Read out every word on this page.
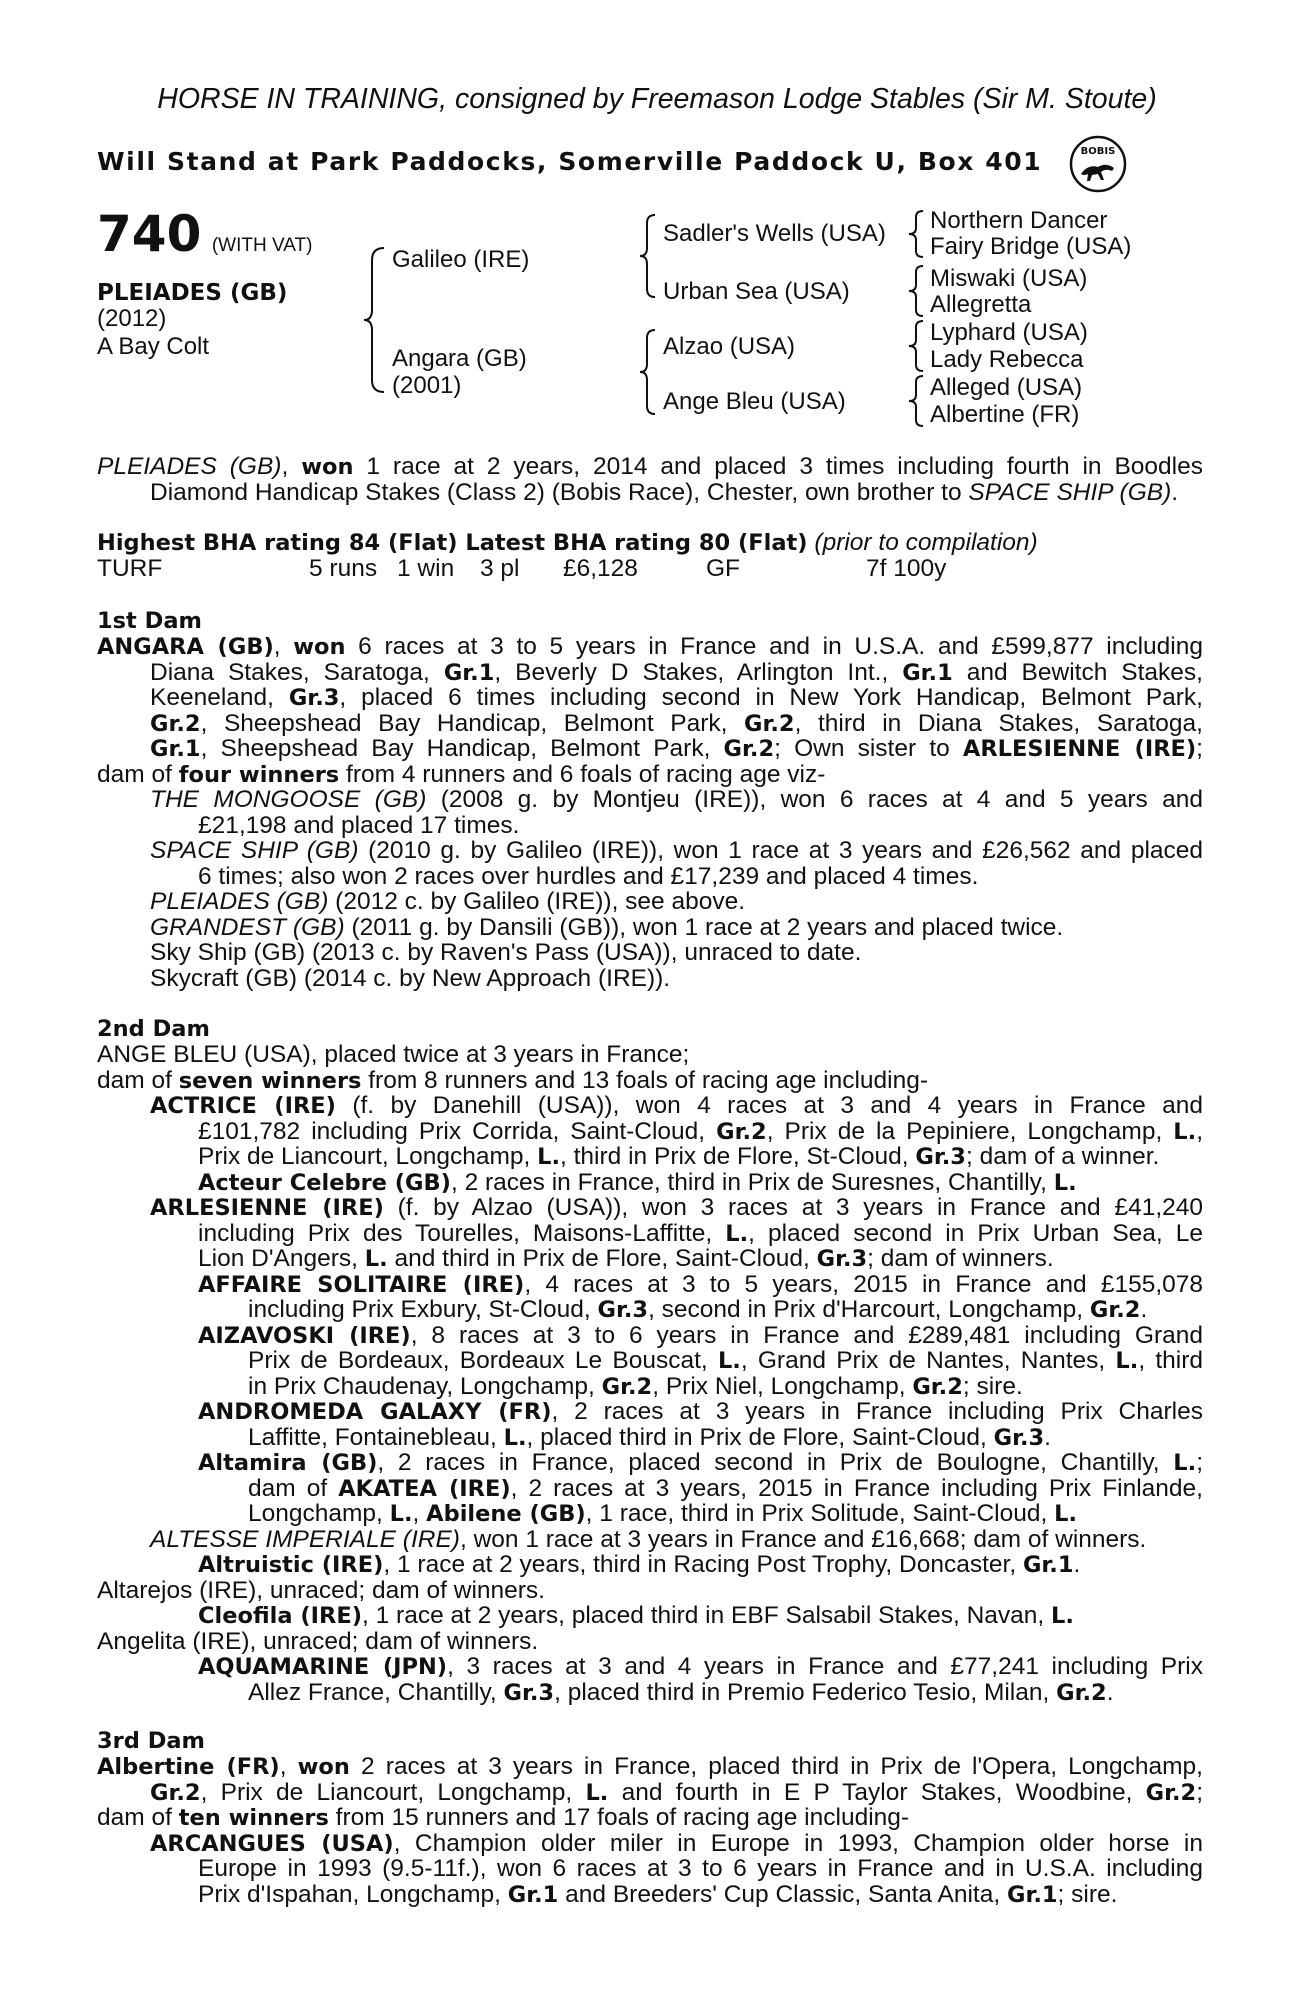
HORSE IN TRAINING, consigned by Freemason Lodge Stables (Sir M. Stoute)
Will Stand at Park Paddocks, Somerville Paddock U, Box 401	BOBIS
740 (WITH VAT)
PLEIADES (GB)
(2012)
A Bay Colt
Galileo (IRE)
Angara (GB)
(2001)
Sadler's Wells (USA)
Urban Sea (USA)
Alzao (USA)
Ange Bleu (USA)
Northern Dancer
Fairy Bridge (USA)
Miswaki (USA)
Allegretta
Lyphard (USA)
Lady Rebecca
Alleged (USA)
Albertine (FR)
PLEIADES (GB), won 1 race at 2 years, 2014 and placed 3 times including fourth in Boodles
Diamond Handicap Stakes (Class 2) (Bobis Race), Chester, own brother to SPACE SHIP (GB).
Highest BHA rating 84 (Flat) Latest BHA rating 80 (Flat) (prior to compilation)
TURF	5 runs 1 win 3 pl £6,128	GF	7f 100y
1st Dam
2nd Dam
3rd Dam
ANGARA (GB), won 6 races at 3 to 5 years in France and in U.S.A. and £599,877 including
Diana Stakes, Saratoga, Gr.1, Beverly D Stakes, Arlington Int., Gr.1 and Bewitch Stakes,
Keeneland, Gr.3, placed 6 times including second in New York Handicap, Belmont Park,
Gr.2, Sheepshead Bay Handicap, Belmont Park, Gr.2, third in Diana Stakes, Saratoga,
Gr.1, Sheepshead Bay Handicap, Belmont Park, Gr.2; Own sister to ARLESIENNE (IRE);
dam of four winners from 4 runners and 6 foals of racing age viz-
THE MONGOOSE (GB) (2008 g. by Montjeu (IRE)), won 6 races at 4 and 5 years and
£21,198 and placed 17 times.
SPACE SHIP (GB) (2010 g. by Galileo (IRE)), won 1 race at 3 years and £26,562 and placed
6 times; also won 2 races over hurdles and £17,239 and placed 4 times.
PLEIADES (GB) (2012 c. by Galileo (IRE)), see above.
GRANDEST (GB) (2011 g. by Dansili (GB)), won 1 race at 2 years and placed twice.
Sky Ship (GB) (2013 c. by Raven's Pass (USA)), unraced to date.
Skycraft (GB) (2014 c. by New Approach (IRE)).
ANGE BLEU (USA), placed twice at 3 years in France;
dam of seven winners from 8 runners and 13 foals of racing age including-
ACTRICE (IRE) (f. by Danehill (USA)), won 4 races at 3 and 4 years in France and
£101,782 including Prix Corrida, Saint-Cloud, Gr.2, Prix de la Pepiniere, Longchamp, L.,
Prix de Liancourt, Longchamp, L., third in Prix de Flore, St-Cloud, Gr.3; dam of a winner.
Acteur Celebre (GB), 2 races in France, third in Prix de Suresnes, Chantilly, L.
ARLESIENNE (IRE) (f. by Alzao (USA)), won 3 races at 3 years in France and £41,240
including Prix des Tourelles, Maisons-Laffitte, L., placed second in Prix Urban Sea, Le
Lion D'Angers, L. and third in Prix de Flore, Saint-Cloud, Gr.3; dam of winners.
AFFAIRE SOLITAIRE (IRE), 4 races at 3 to 5 years, 2015 in France and £155,078
including Prix Exbury, St-Cloud, Gr.3, second in Prix d'Harcourt, Longchamp, Gr.2.
AIZAVOSKI (IRE), 8 races at 3 to 6 years in France and £289,481 including Grand
Prix de Bordeaux, Bordeaux Le Bouscat, L., Grand Prix de Nantes, Nantes, L., third
in Prix Chaudenay, Longchamp, Gr.2, Prix Niel, Longchamp, Gr.2; sire.
ANDROMEDA GALAXY (FR), 2 races at 3 years in France including Prix Charles
Laffitte, Fontainebleau, L., placed third in Prix de Flore, Saint-Cloud, Gr.3.
Altamira (GB), 2 races in France, placed second in Prix de Boulogne, Chantilly, L.;
dam of AKATEA (IRE), 2 races at 3 years, 2015 in France including Prix Finlande,
Longchamp, L., Abilene (GB), 1 race, third in Prix Solitude, Saint-Cloud, L.
ALTESSE IMPERIALE (IRE), won 1 race at 3 years in France and £16,668; dam of winners.
Altruistic (IRE), 1 race at 2 years, third in Racing Post Trophy, Doncaster, Gr.1.
Altarejos (IRE), unraced; dam of winners.
Cleofila (IRE), 1 race at 2 years, placed third in EBF Salsabil Stakes, Navan, L.
Angelita (IRE), unraced; dam of winners.
AQUAMARINE (JPN), 3 races at 3 and 4 years in France and £77,241 including Prix
Allez France, Chantilly, Gr.3, placed third in Premio Federico Tesio, Milan, Gr.2.
Albertine (FR), won 2 races at 3 years in France, placed third in Prix de l'Opera, Longchamp,
Gr.2, Prix de Liancourt, Longchamp, L. and fourth in E P Taylor Stakes, Woodbine, Gr.2;
dam of ten winners from 15 runners and 17 foals of racing age including-
ARCANGUES (USA), Champion older miler in Europe in 1993, Champion older horse in
Europe in 1993 (9.5-11f.), won 6 races at 3 to 6 years in France and in U.S.A. including
Prix d'Ispahan, Longchamp, Gr.1 and Breeders' Cup Classic, Santa Anita, Gr.1; sire.
